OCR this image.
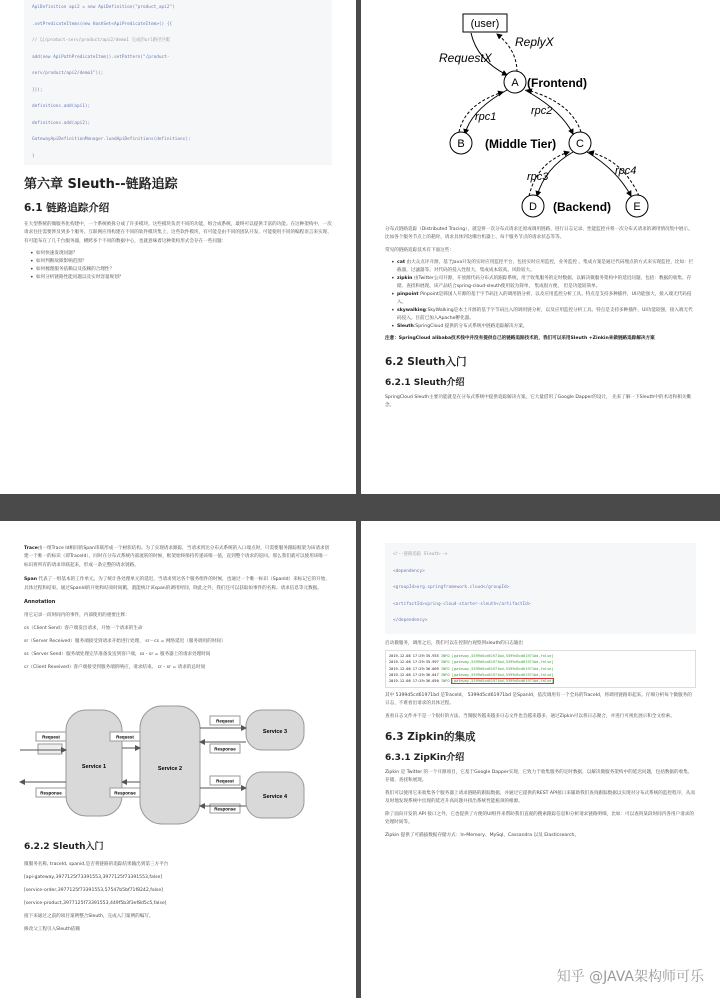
ApiDefinition api2 = new ApiDefinition("product_api2")
.setPredicateItems(new HashSet<ApiPredicateItem>() {{
// 以/product-serv/product/api2/demo1 完成的url路径匹配
add(new ApiPathPredicateItem().setPattern("/product-
serv/product/api2/demo1"));
}});
definitions.add(api1);
definitions.add(api2);
GatewayApiDefinitionManager.loadApiDefinitions(definitions);
}
第六章 Sleuth--链路追踪
6.1 链路追踪介绍

在大型系统的微服务化构建中，一个系统被拆分成了许多模块。这些模块负责不同的功能，组合成系统，最终可以提供丰富的功能。在这种架构中，一次请求往往需要涉及到多个服务。互联网应用构建在不同的软件模块集上，这些软件模块，有可能是由不同的团队开发、可能使用不同的编程语言来实现、有可能布在了几千台服务器，横跨多个不同的数据中心，也就意味着这种架构形式会存在一些问题：

• 如何快速发现问题？
• 如何判断故障影响范围？
• 如何梳理服务依赖以及依赖的合理性？
• 如何分析链路性能问题以及实时容量规划？
(user)
RequestX
ReplyX
A (Frontend)
rpc1	rpc2
B (Middle Tier) C
rpc3	rpc4
D (Backend) E

分布式链路追踪（Distributed Tracing），就是将一次分布式请求还原成调用链路，进行日志记录、性能监控并将一次分布式请求的调用情况集中展示。比如各个服务节点上的耗时、请求具体到达哪台机器上、每个服务节点的请求状态等等。

常见的链路追踪技术有下面这些：

• cat 由大众点评开源，基于Java开发的实时应用监控平台，包括实时应用监控，业务监控 。集成方案是通过代码埋点的方式来实现监控，比如：拦截器，过滤器等。对代码的侵入性很大，集成成本较高。风险较大。
• zipkin 由Twitter公司开源，开放源代码分布式的跟踪系统，用于收集服务的定时数据，以解决微服务架构中的延迟问题，包括：数据的收集、存储、查找和展现。该产品结合spring-cloud-sleuth使用较为简单， 集成很方便， 但是功能较简单。
• pinpoint Pinpoint是韩国人开源的基于字节码注入的调用链分析，以及应用监控分析工具。特点是支持多种插件，UI功能强大，接入端无代码侵入。
• skywalking:SkyWalking是本土开源的基于字节码注入的调用链分析，以及应用监控分析工具。特点是支持多种插件，UI功能较强，接入端无代码侵入。目前已加入Apache孵化器。
• Sleuth:SpringCloud 提供的分布式系统中链路追踪解决方案。

注意：SpringCloud alibaba技术栈中并没有提供自己的链路追踪技术的，我们可以采用Sleuth +Zinkin来做链路追踪解决方案

6.2 Sleuth入门
6.2.1 Sleuth介绍

SpringCloud Sleuth主要功能就是在分布式系统中提供追踪解决方案。它大量借用了Google Dapper的设计， 先来了解一下Sleuth中的术语和相关概念。

Trace由一组Trace Id相同的Span串联形成一个树状结构。为了实现请求跟踪，当请求到达分布式系统的入口端点时，只需要服务跟踪框架为该请求创建一个唯一的标识（即TraceId），同时在分布式系统内部流转的时候，框架始终保持传递该唯一值，直到整个请求的返回。那么我们就可以使用该唯一标识将所有的请求串联起来，形成一条完整的请求链路。

Span 代表了一组基本的工作单元。为了统计各处理单元的延迟，当请求到达各个服务组件的时候，也通过一个唯一标识（SpanId）来标记它的开始、具体过程和结束。通过SpanId的开始和结束时间戳，就能统计该span的调用时间，除此之外，我们还可以获取如事件的名称。请求信息等元数据。

Annotation

用它记录一段时间内的事件，内部使用的重要注释：

cs（Client Send）客户端发出请求，开始一个请求的生命

sr（Server Received）服务端接受到请求开始进行处理， sr－cs = 网络延迟（服务调用的时间）

ss（Server Send）服务端处理完毕准备发送到客户端，ss - sr = 服务器上的请求处理时间

cr（Client Reveived）客户端接受到服务端的响应，请求结束。 cr - sr = 请求的总时间

Service 1	Service 2
Service 3
Service 4
Request
Response
Request
Response
Request
Response
Request
Response
6.2.2 Sleuth入门

微服务名称, traceId, spanid,是否将链路的追踪结果输出到第三方平台

[api-gateway,3977125f73391553,3977125f73391553,false]

[service-order,3977125f73391553,57547b5bf71f8242,false]

[service-product,3977125f73391553,449f5b3f3ef8d5c5,false]

接下来通过之前的项目案例整合Sleuth，完成入门案例的编写。

修改父工程引入Sleuth依赖

<!--链路追踪 Sleuth-->
<dependency>
<groupId>org.springframework.cloud</groupId>
<artifactId>spring-cloud-starter-sleuth</artifactId>
</dependency>

启动微服务，调用之后，我们可以在控制台观察到sleuth的日志输出

2019-12-08 17:29:35.935 INFO [gateway,5399d5cd61971bd,5399d5cd61971bd,false]
2019-12-08 17:29:35.997 INFO [gateway,5399d5cd61971bd,5399d5cd61971bd,false]
2019-12-08 17:29:36.009 INFO [gateway,5399d5cd61971bd,5399d5cd61971bd,false]
2019-12-08 17:29:36.047 INFO [gateway,5399d5cd61971bd,5399d5cd61971bd,false]
2019-12-08 17:29:36.050 INFO [gateway,5399d5cd61971bd,5399d5cd61971bd,false]

其中 5399d5cd61971bd 是TraceId， 5399d5cd61971bd 是SpanId，依次调用有一个全局的TraceId，将调用链路串起来。仔细分析每个微服务的日志，不难看出请求的具体过程。

查看日志文件并不是一个很好的方法，当微服务越来越多日志文件也会越来越多，通过Zipkin可以将日志聚合，并进行可视化展示和全文检索。

6.3 Zipkin的集成
6.3.1 ZipKin介绍

Zipkin 是 Twitter 的一个开源项目，它基于Google Dapper实现，它致力于收集服务的定时数据，以解决微服务架构中的延迟问题，包括数据的收集、存储、查找和展现。

我们可以使用它来收集各个服务器上请求链路的跟踪数据，并通过它提供的REST API接口来辅助我们查询跟踪数据以实现对分布式系统的监控程序，从而及时地发现系统中出现的延迟升高问题并找出系统性能瓶颈的根源。

除了面向开发的 API 接口之外，它也提供了方便的UI组件来帮助我们直观的搜索跟踪信息和分析请求链路明细，比如：可以查询某段时间内各用户请求的处理时间等。

Zipkin 提供了可插拔数据存储方式：In-Memory、MySql、Cassandra 以及 Elasticsearch。

知乎 @JAVA架构师可乐
